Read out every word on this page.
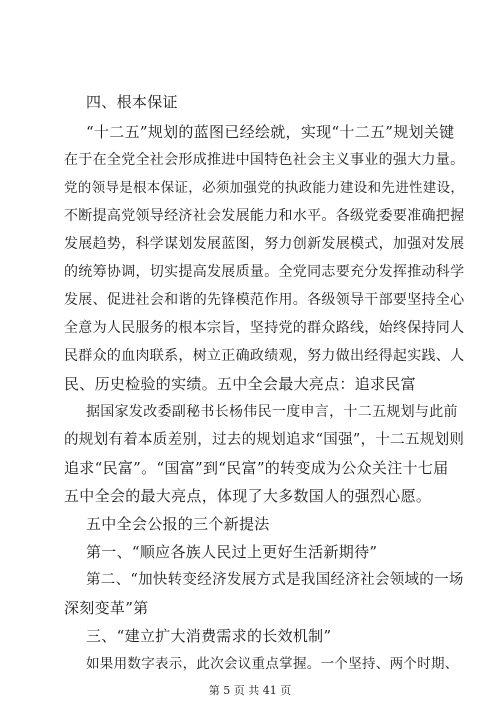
四、根本保证
“十二五”规划的蓝图已经绘就，实现“十二五”规划关键
在于在全党全社会形成推进中国特色社会主义事业的强大力量。
党的领导是根本保证，必须加强党的执政能力建设和先进性建设，
不断提高党领导经济社会发展能力和水平。各级党委要准确把握
发展趋势，科学谋划发展蓝图，努力创新发展模式，加强对发展
的统筹协调，切实提高发展质量。全党同志要充分发挥推动科学
发展、促进社会和谐的先锋模范作用。各级领导干部要坚持全心
全意为人民服务的根本宗旨，坚持党的群众路线，始终保持同人
民群众的血肉联系，树立正确政绩观，努力做出经得起实践、人
民、历史检验的实绩。五中全会最大亮点：追求民富
据国家发改委副秘书长杨伟民一度申言，十二五规划与此前
的规划有着本质差别，过去的规划追求“国强”，十二五规划则
追求“民富”。“国富”到“民富”的转变成为公众关注十七届
五中全会的最大亮点，体现了大多数国人的强烈心愿。
五中全会公报的三个新提法
第一、“顺应各族人民过上更好生活新期待”
第二、“加快转变经济发展方式是我国经济社会领域的一场
深刻变革”第
三、“建立扩大消费需求的长效机制”
如果用数字表示，此次会议重点掌握。一个坚持、两个时期、
第 5 页 共 41 页
